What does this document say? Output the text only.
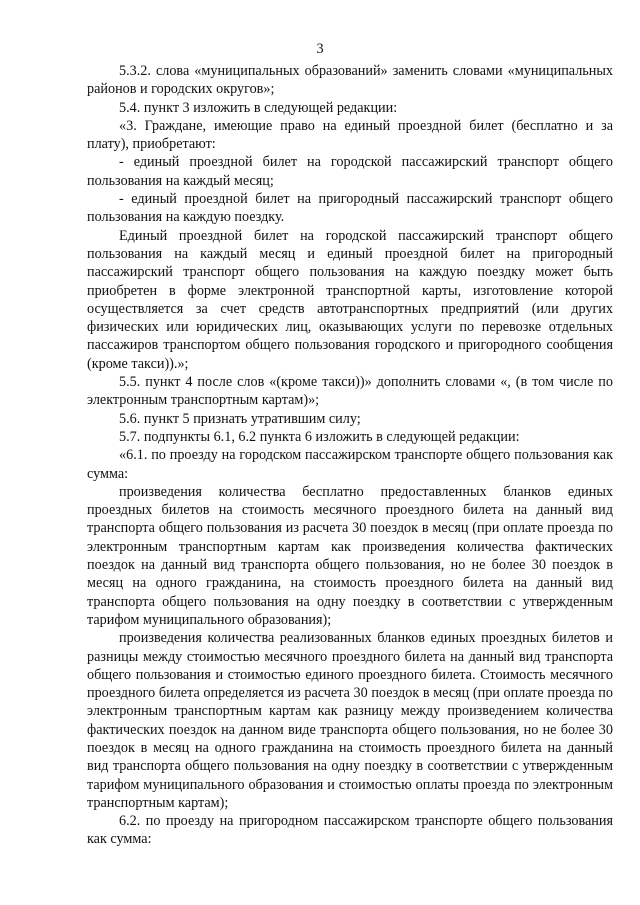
3

5.3.2. слова «муниципальных образований» заменить словами «муниципальных районов и городских округов»;

5.4. пункт 3 изложить в следующей редакции:

«3. Граждане, имеющие право на единый проездной билет (бесплатно и за плату), приобретают:

- единый проездной билет на городской пассажирский транспорт общего пользования на каждый месяц;

- единый проездной билет на пригородный пассажирский транспорт общего пользования на каждую поездку.

Единый проездной билет на городской пассажирский транспорт общего пользования на каждый месяц и единый проездной билет на пригородный пассажирский транспорт общего пользования на каждую поездку может быть приобретен в форме электронной транспортной карты, изготовление которой осуществляется за счет средств автотранспортных предприятий (или других физических или юридических лиц, оказывающих услуги по перевозке отдельных пассажиров транспортом общего пользования городского и пригородного сообщения (кроме такси)).»;

5.5. пункт 4 после слов «(кроме такси))» дополнить словами «, (в том числе по электронным транспортным картам)»;

5.6. пункт 5 признать утратившим силу;

5.7. подпункты 6.1, 6.2 пункта 6 изложить в следующей редакции:

«6.1. по проезду на городском пассажирском транспорте общего пользования как сумма:

произведения количества бесплатно предоставленных бланков единых проездных билетов на стоимость месячного проездного билета на данный вид транспорта общего пользования из расчета 30 поездок в месяц (при оплате проезда по электронным транспортным картам как произведения количества фактических поездок на данный вид транспорта общего пользования, но не более 30 поездок в месяц на одного гражданина, на стоимость проездного билета на данный вид транспорта общего пользования на одну поездку в соответствии с утвержденным тарифом муниципального образования);

произведения количества реализованных бланков единых проездных билетов и разницы между стоимостью месячного проездного билета на данный вид транспорта общего пользования и стоимостью единого проездного билета. Стоимость месячного проездного билета определяется из расчета 30 поездок в месяц (при оплате проезда по электронным транспортным картам как разницу между произведением количества фактических поездок на данном виде транспорта общего пользования, но не более 30 поездок в месяц на одного гражданина на стоимость проездного билета на данный вид транспорта общего пользования на одну поездку в соответствии с утвержденным тарифом муниципального образования и стоимостью оплаты проезда по электронным транспортным картам);

6.2. по проезду на пригородном пассажирском транспорте общего пользования как сумма:
